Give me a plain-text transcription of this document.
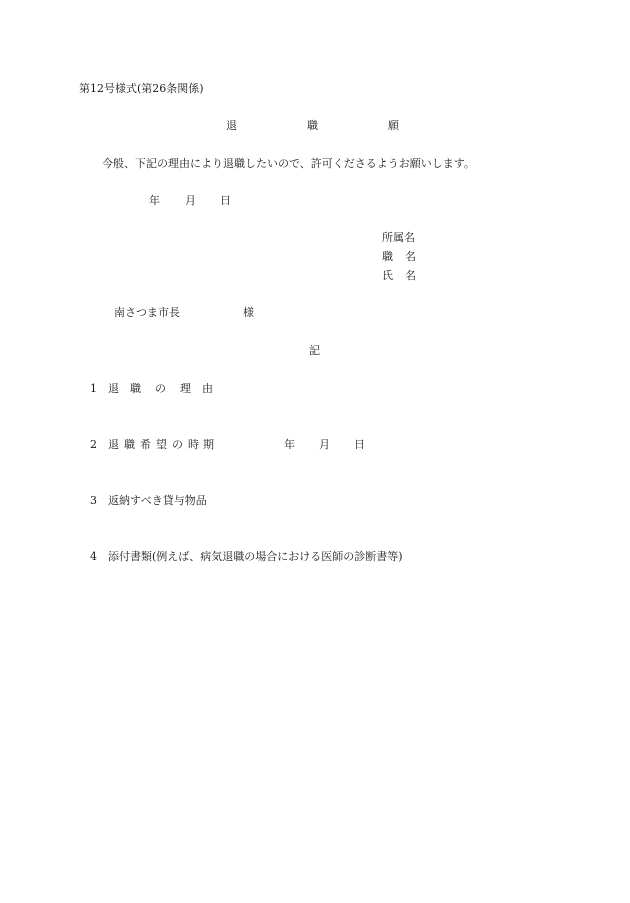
第12号様式(第26条関係)
退	職	願
今般、下記の理由により退職したいので、許可くださるようお願いします。
年 月 日
所属名
職 名
氏 名
南さつま市長	様
記
1 退 職 の 理 由
2 退 職 希 望 の 時 期	年 月 日
3 返納すべき貸与物品
4 添付書類(例えば、病気退職の場合における医師の診断書等)
